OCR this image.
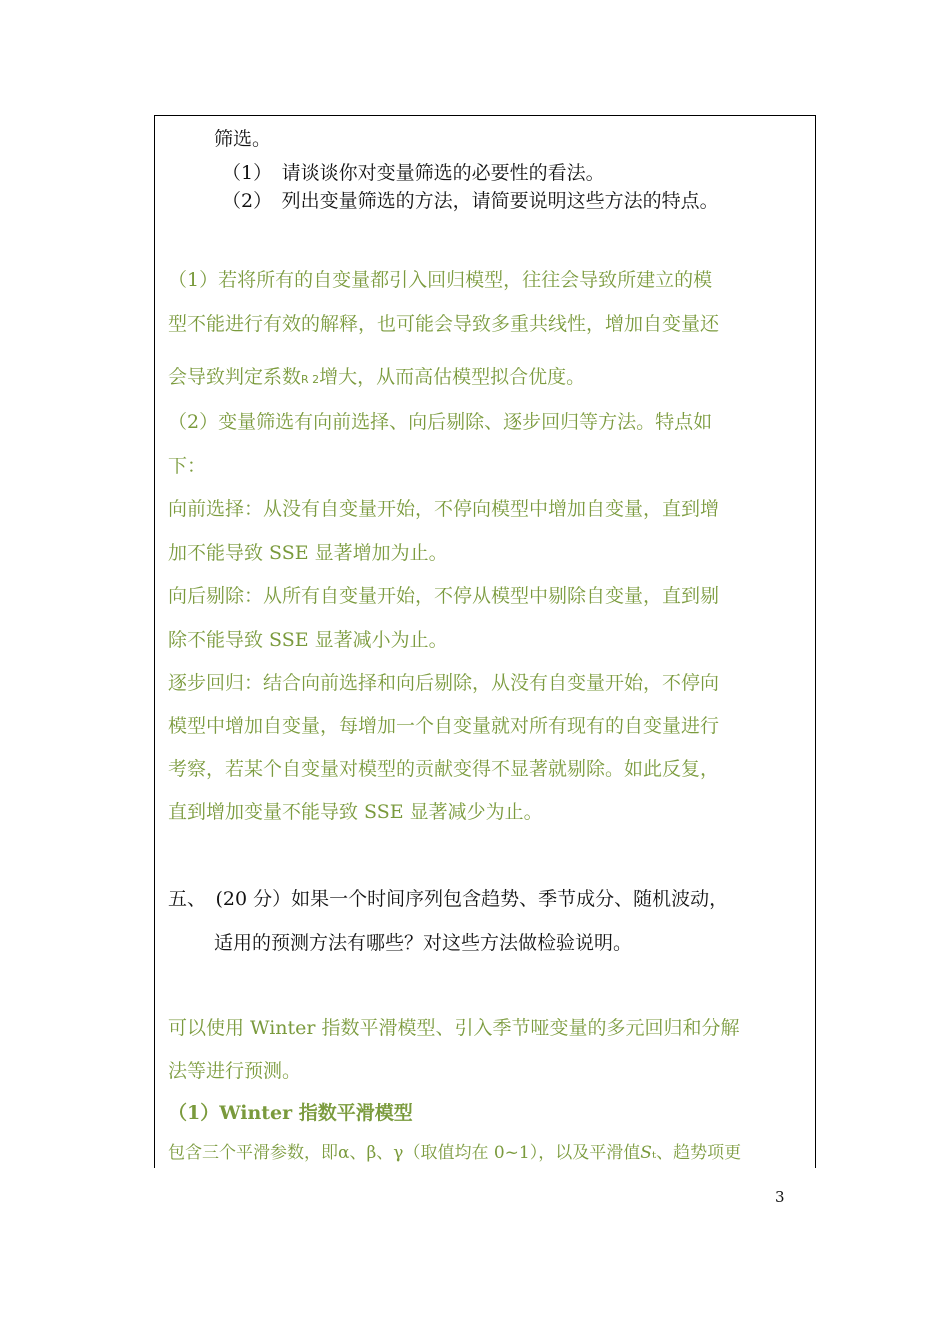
筛选。
（1）　请谈谈你对变量筛选的必要性的看法。
（2）　列出变量筛选的方法，请简要说明这些方法的特点。
（1）若将所有的自变量都引入回归模型，往往会导致所建立的模
型不能进行有效的解释，也可能会导致多重共线性，增加自变量还
会导致判定系数R 2增大，从而高估模型拟合优度。
（2）变量筛选有向前选择、向后剔除、逐步回归等方法。特点如
下：
向前选择：从没有自变量开始，不停向模型中增加自变量，直到增
加不能导致 SSE 显著增加为止。
向后剔除：从所有自变量开始，不停从模型中剔除自变量，直到剔
除不能导致 SSE 显著减小为止。
逐步回归：结合向前选择和向后剔除，从没有自变量开始，不停向
模型中增加自变量，每增加一个自变量就对所有现有的自变量进行
考察，若某个自变量对模型的贡献变得不显著就剔除。如此反复，
直到增加变量不能导致 SSE 显著减少为止。
五、　(20 分）如果一个时间序列包含趋势、季节成分、随机波动，
适用的预测方法有哪些？对这些方法做检验说明。
可以使用 Winter 指数平滑模型、引入季节哑变量的多元回归和分解
法等进行预测。
（1）Winter 指数平滑模型
包含三个平滑参数，即α、β、γ（取值均在 0~1），以及平滑值𝑆ₜ、趋势项更
3
